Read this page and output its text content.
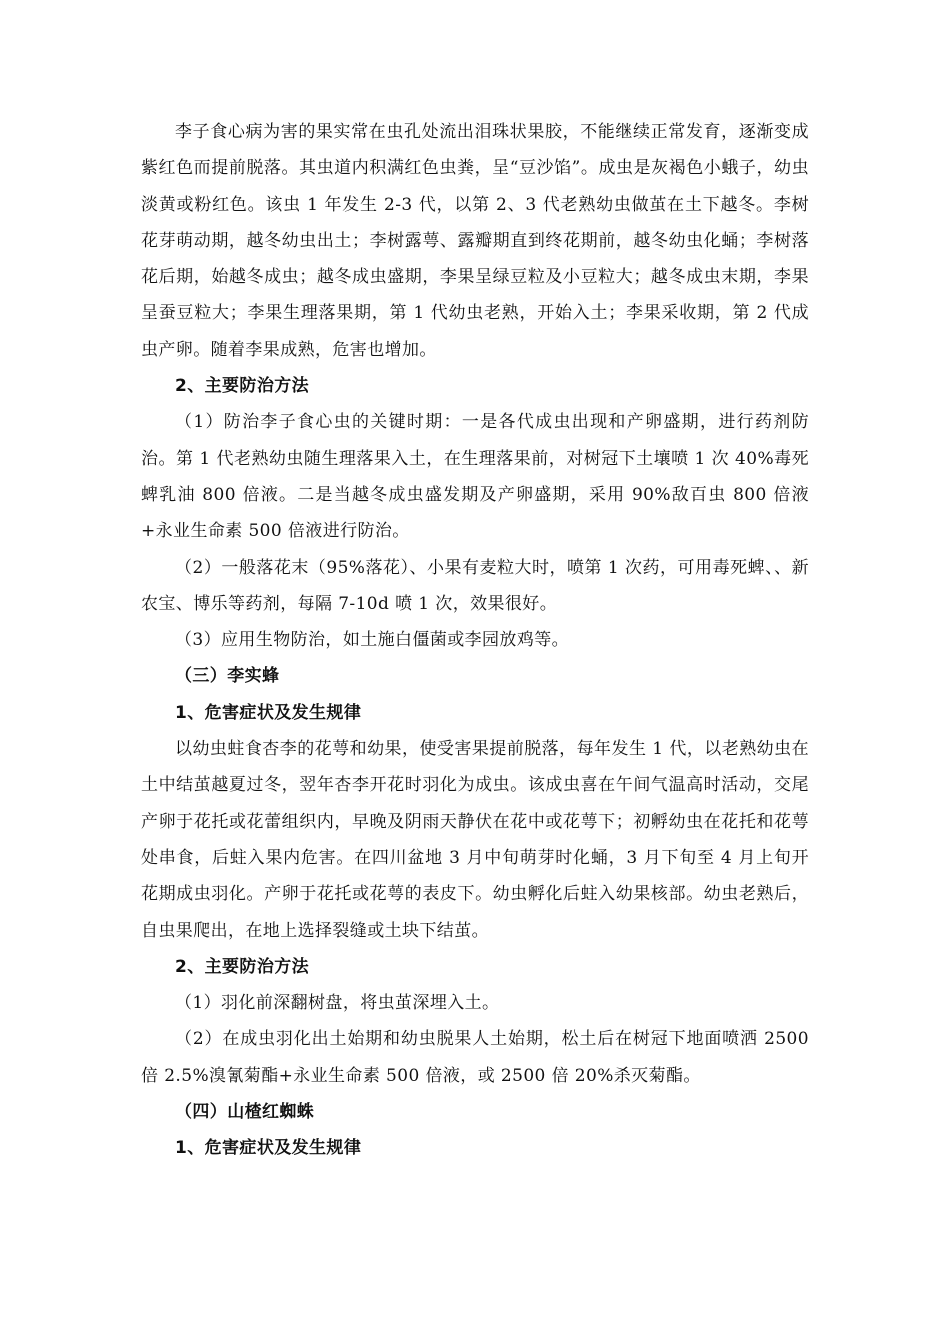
李子食心病为害的果实常在虫孔处流出泪珠状果胶，不能继续正常发育，逐渐变成紫红色而提前脱落。其虫道内积满红色虫粪，呈“豆沙馅”。成虫是灰褐色小蛾子，幼虫淡黄或粉红色。该虫 1 年发生 2-3 代，以第 2、3 代老熟幼虫做茧在土下越冬。李树花芽萌动期，越冬幼虫出土；李树露萼、露瓣期直到终花期前，越冬幼虫化蛹；李树落花后期，始越冬成虫；越冬成虫盛期，李果呈绿豆粒及小豆粒大；越冬成虫末期，李果呈蚕豆粒大；李果生理落果期，第 1 代幼虫老熟，开始入土；李果采收期，第 2 代成虫产卵。随着李果成熟，危害也增加。

2、主要防治方法

（1）防治李子食心虫的关键时期：一是各代成虫出现和产卵盛期，进行药剂防治。第 1 代老熟幼虫随生理落果入土，在生理落果前，对树冠下土壤喷 1 次 40%毒死蜱乳油 800 倍液。二是当越冬成虫盛发期及产卵盛期，采用 90%敌百虫 800 倍液+永业生命素 500 倍液进行防治。

（2）一般落花末（95%落花）、小果有麦粒大时，喷第 1 次药，可用毒死蜱、、新农宝、博乐等药剂，每隔 7-10d 喷 1 次，效果很好。

（3）应用生物防治，如土施白僵菌或李园放鸡等。

（三）李实蜂

1、危害症状及发生规律

以幼虫蛀食杏李的花萼和幼果，使受害果提前脱落，每年发生 1 代，以老熟幼虫在土中结茧越夏过冬，翌年杏李开花时羽化为成虫。该成虫喜在午间气温高时活动，交尾产卵于花托或花蕾组织内，早晚及阴雨天静伏在花中或花萼下；初孵幼虫在花托和花萼处串食，后蛀入果内危害。在四川盆地 3 月中旬萌芽时化蛹，3 月下旬至 4 月上旬开花期成虫羽化。产卵于花托或花萼的表皮下。幼虫孵化后蛀入幼果核部。幼虫老熟后，自虫果爬出，在地上选择裂缝或土块下结茧。

2、主要防治方法

（1）羽化前深翻树盘，将虫茧深埋入土。

（2）在成虫羽化出土始期和幼虫脱果人土始期，松土后在树冠下地面喷洒 2500 倍 2.5%溴氰菊酯+永业生命素 500 倍液，或 2500 倍 20%杀灭菊酯。

（四）山楂红蜘蛛

1、危害症状及发生规律
